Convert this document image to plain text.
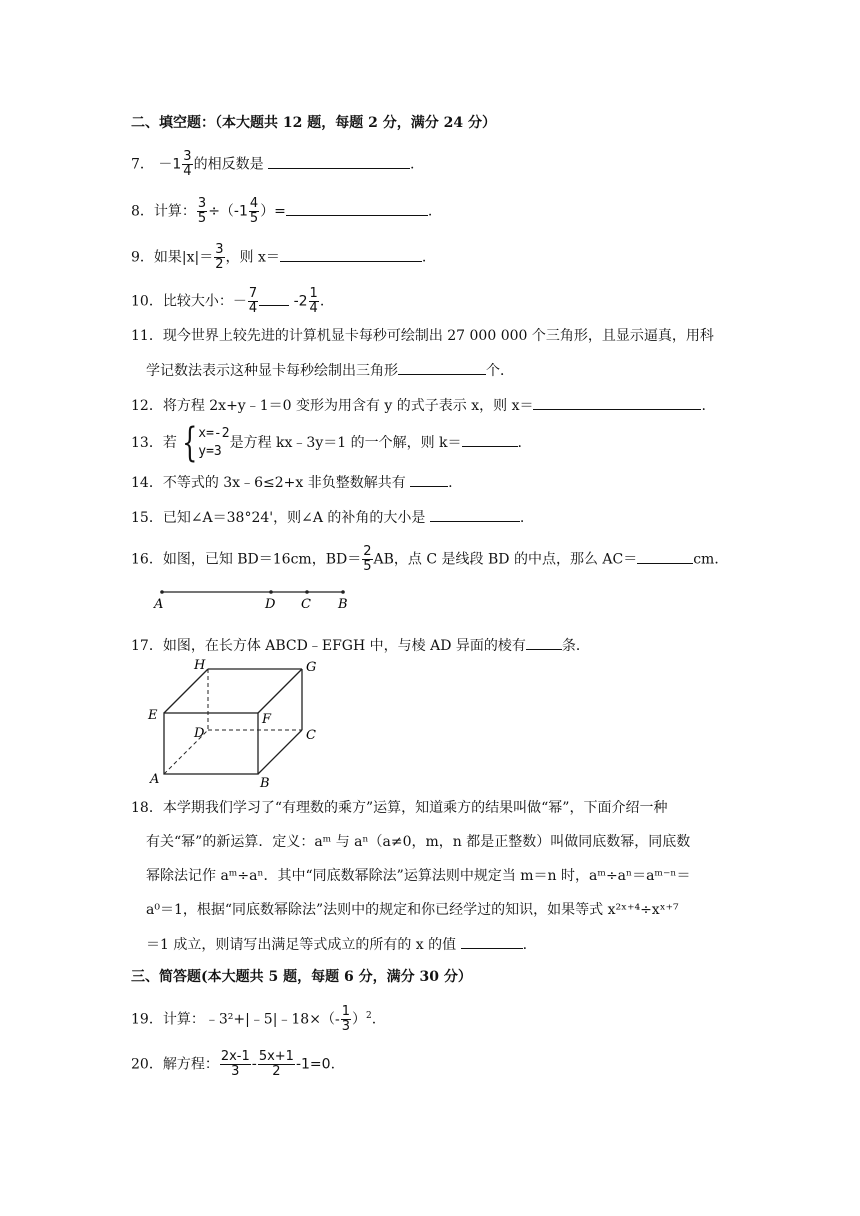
二、填空题：（本大题共 12 题，每题 2 分，满分 24 分）
7． $-1 \frac{3}{4}$ 的相反数是	.
8．计算： $\frac{3}{5} \div(-1 \frac{4}{5}$ ）=	.
9．如果$|x|= \frac{3}{2}$ ，则 x＝	.
10．比较大小：－ $\frac{7}{4}$	$-2 \frac{1}{4}$ .
11．现今世界上较先进的计算机显卡每秒可绘制出 27 000 000 个三角形，且显示逼真，用科
学记数法表示这种显卡每秒绘制出三角形	个．
12．将方程 2x+y﹣1＝0 变形为用含有 y 的式子表示 x，则 x＝	.
13．若 { x=-2
y=3
是方程 kx﹣3y＝1 的一个解，则 k＝	.
14．不等式的 3x﹣6≤2+x 非负整数解共有	.
15．已知∠A＝38°24'，则∠A 的补角的大小是	.
16．如图，已知 BD＝16cm，$BD= \frac{2}{5}$ AB，点 C 是线段 BD 的中点，那么 AC＝	cm．
A	D C B
17．如图，在长方体 ABCD﹣EFGH 中，与棱 AD 异面的棱有	条．
H	G
E	F
D	C
A	B
18．本学期我们学习了“有理数的乘方”运算，知道乘方的结果叫做“幂”，下面介绍一种
有关“幂”的新运算．定义：aᵐ 与 aⁿ（a≠0，m，n 都是正整数）叫做同底数幂，同底数
幂除法记作 aᵐ÷aⁿ．其中“同底数幂除法”运算法则中规定当 m＝n 时，aᵐ÷aⁿ＝aᵐ⁻ⁿ＝
a⁰＝1，根据“同底数幂除法”法则中的规定和你已经学过的知识，如果等式 x²ˣ⁺⁴÷xˣ⁺⁷
＝1 成立，则请写出满足等式成立的所有的 x 的值	.
三、简答题(本大题共 5 题，每题 6 分，满分 30 分）
19．计算：﹣3²+|﹣5|﹣18×（- $\frac{1}{3} )^2$.
20．解方程： $\frac{2x-1}{3} - \frac{5x+1}{2} -1=0$.
